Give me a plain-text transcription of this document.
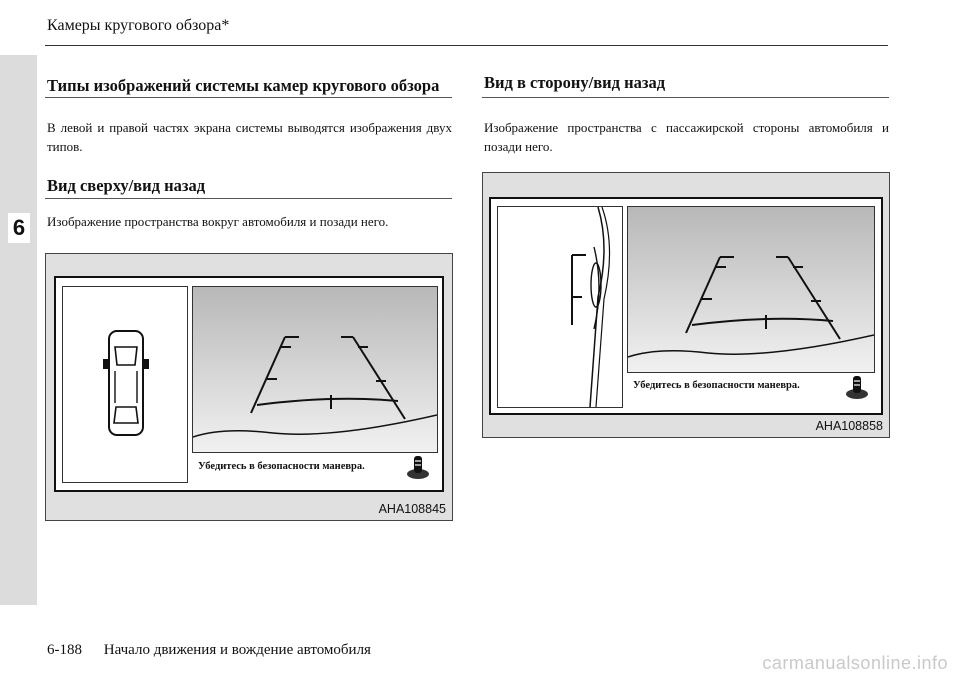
6
Камеры кругового обзора*
Типы изображений системы камер кругового обзора
В левой и правой частях экрана системы выводятся изображения двух типов.
Вид сверху/вид назад
Изображение пространства вокруг автомобиля и позади него.
Убедитесь в безопасности маневра.
AHA108845
Вид в сторону/вид назад
Изображение пространства с пассажирской стороны автомобиля и позади него.
Убедитесь в безопасности маневра.
AHA108858
6-188 Начало движения и вождение автомобиля
carmanualsonline.info
